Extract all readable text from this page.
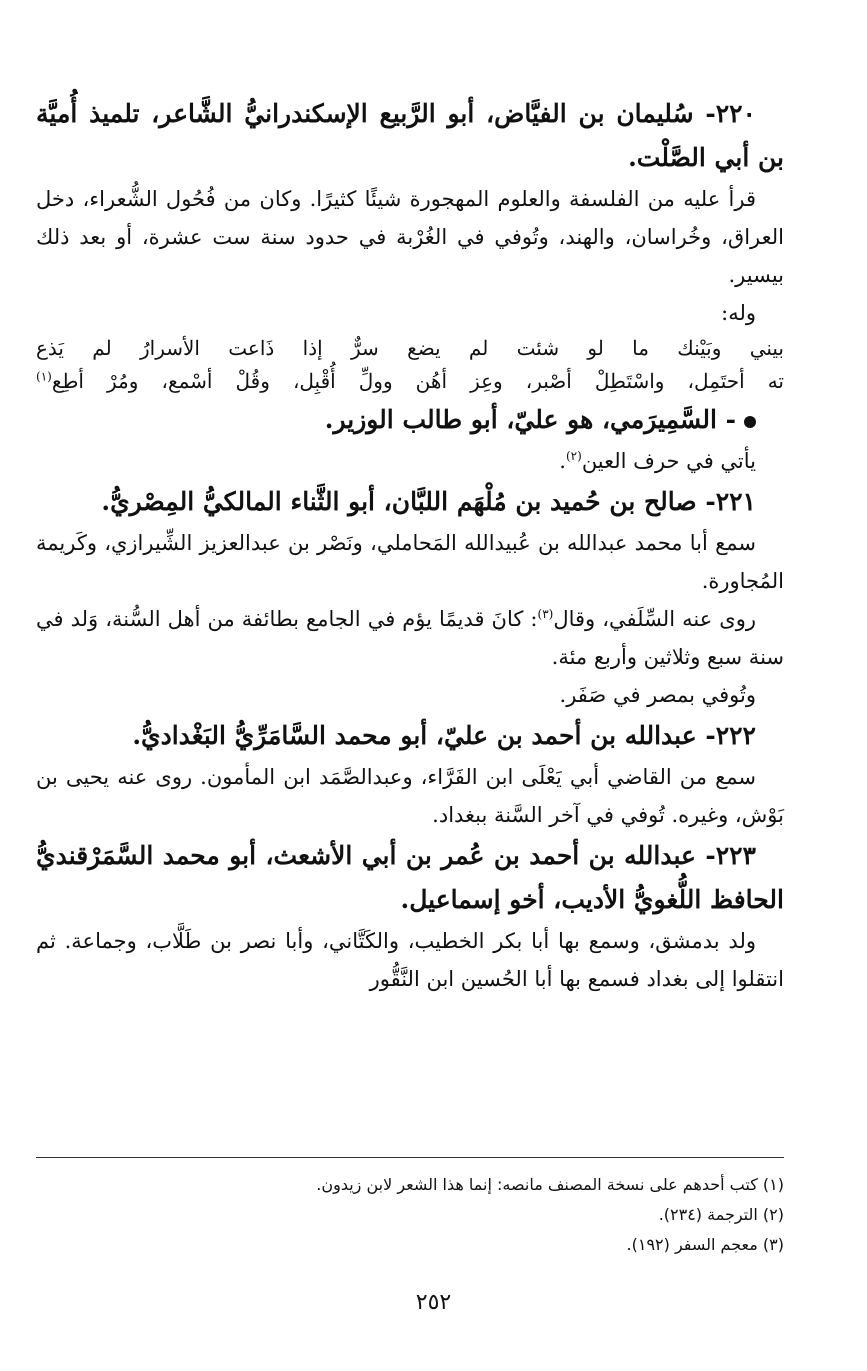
٢٢٠- سُليمان بن الفيَّاض، أبو الرَّبيع الإسكندرانيُّ الشَّاعر، تلميذ أُميَّة بن أبي الصَّلْت.

قرأ عليه من الفلسفة والعلوم المهجورة شيئًا كثيرًا. وكان من فُحُول الشُّعراء، دخل العراق، وخُراسان، والهند، وتُوفي في الغُرْبة في حدود سنة ست عشرة، أو بعد ذلك بيسير.

وله:

بيني وبَيْنك ما لو شئت لم يضع سرٌّ إذا ذَاعت الأسرارُ لم يَذع

ته أحتَمِل، واسْتَطِلْ أصْبر، وعِز أهُن وولِّ أُقْبِل، وقُلْ أسْمع، ومُرْ أطِع$^{(١)}$

- السَّمِيرَمي، هو عليّ، أبو طالب الوزير.

يأتي في حرف العين$^{(٢)}$.

٢٢١- صالح بن حُميد بن مُلْهَم اللبَّان، أبو الثَّناء المالكيُّ المِصْريُّ.

سمع أبا محمد عبدالله بن عُبيدالله المَحاملي، ونَصْر بن عبدالعزيز الشِّيرازي، وكَريمة المُجاورة.

روى عنه السِّلَفي، وقال$^{(٣)}$: كانَ قديمًا يؤم في الجامع بطائفة من أهل السُّنة، وَلد في سنة سبع وثلاثين وأربع مئة.

وتُوفي بمصر في صَفَر.

٢٢٢- عبدالله بن أحمد بن عليّ، أبو محمد السَّامَرِّيُّ البَغْداديُّ.

سمع من القاضي أبي يَعْلَى ابن الفَرَّاء، وعبدالصَّمَد ابن المأمون. روى عنه يحيى بن بَوْش، وغيره. تُوفي في آخر السَّنة ببغداد.

٢٢٣- عبدالله بن أحمد بن عُمر بن أبي الأشعث، أبو محمد السَّمَرْقنديُّ الحافظ اللُّغويُّ الأديب، أخو إسماعيل.

ولد بدمشق، وسمع بها أبا بكر الخطيب، والكَتَّاني، وأبا نصر بن طَلَّاب، وجماعة. ثم انتقلوا إلى بغداد فسمع بها أبا الحُسين ابن النَّقُّور

(١) كتب أحدهم على نسخة المصنف مانصه: إنما هذا الشعر لابن زيدون.
(٢) الترجمة (٢٣٤).
(٣) معجم السفر (١٩٢).
٢٥٢
